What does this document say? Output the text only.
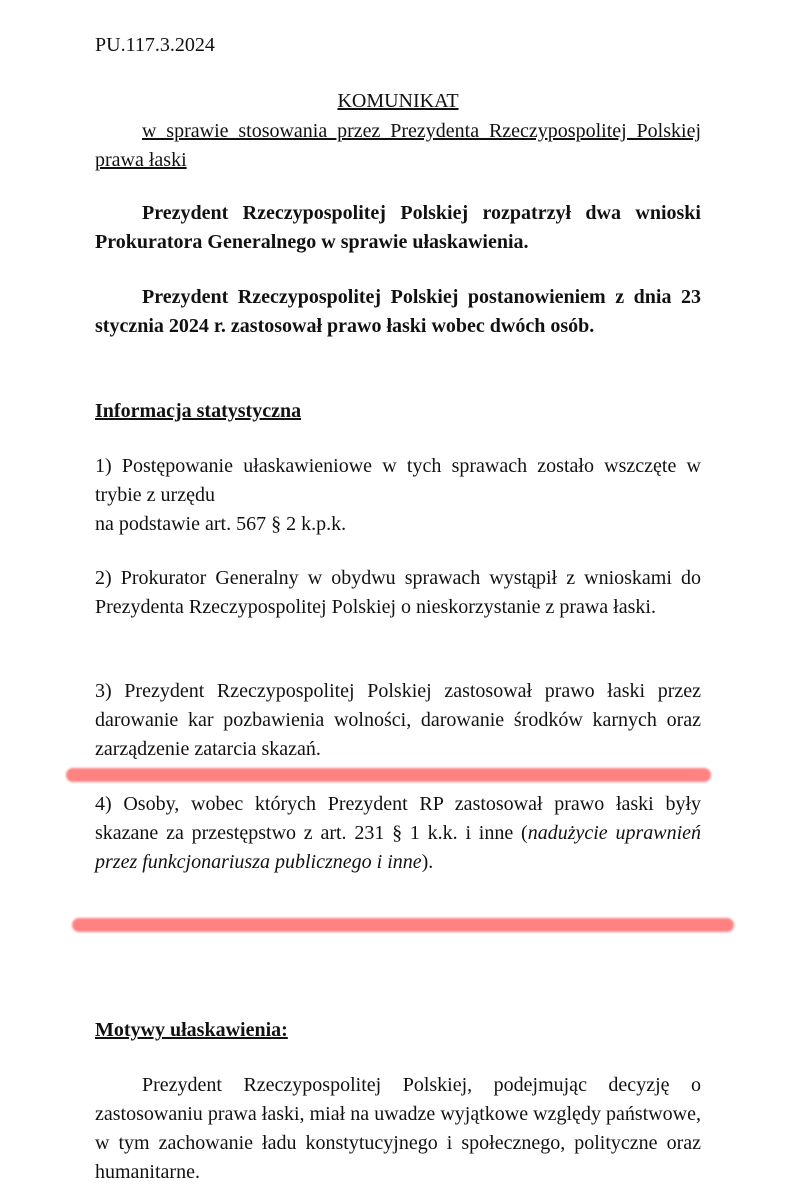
PU.117.3.2024

KOMUNIKAT

w sprawie stosowania przez Prezydenta Rzeczypospolitej Polskiej prawa łaski

Prezydent Rzeczypospolitej Polskiej rozpatrzył dwa wnioski Prokuratora Generalnego w sprawie ułaskawienia.

Prezydent Rzeczypospolitej Polskiej postanowieniem z dnia 23 stycznia 2024 r. zastosował prawo łaski wobec dwóch osób.

Informacja statystyczna

1) Postępowanie ułaskawieniowe w tych sprawach zostało wszczęte w trybie z urzędu

na podstawie art. 567 § 2 k.p.k.

2) Prokurator Generalny w obydwu sprawach wystąpił z wnioskami do Prezydenta Rzeczypospolitej Polskiej o nieskorzystanie z prawa łaski.

3) Prezydent Rzeczypospolitej Polskiej zastosował prawo łaski przez darowanie kar pozbawienia wolności, darowanie środków karnych oraz zarządzenie zatarcia skazań.

4) Osoby, wobec których Prezydent RP zastosował prawo łaski były skazane za przestępstwo z art. 231 § 1 k.k. i inne (nadużycie uprawnień przez funkcjonariusza publicznego i inne).

Motywy ułaskawienia:

Prezydent Rzeczypospolitej Polskiej, podejmując decyzję o zastosowaniu prawa łaski, miał na uwadze wyjątkowe względy państwowe, w tym zachowanie ładu konstytucyjnego i społecznego, polityczne oraz humanitarne.
